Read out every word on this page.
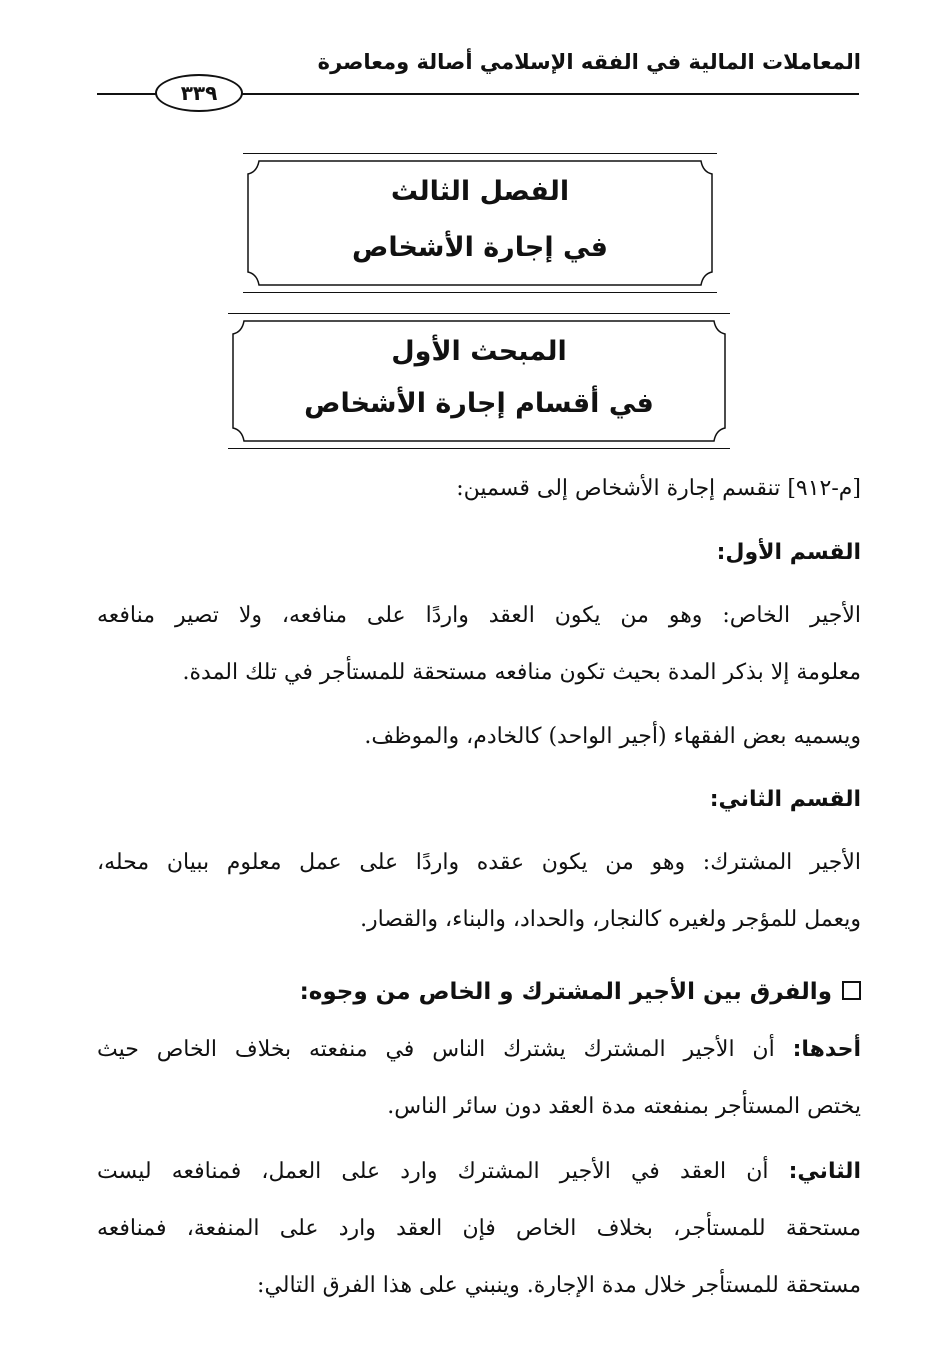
المعاملات المالية في الفقه الإسلامي أصالة ومعاصرة
٣٣٩
الفصل الثالث
في إجارة الأشخاص
المبحث الأول
في أقسام إجارة الأشخاص

[م-٩١٢] تنقسم إجارة الأشخاص إلى قسمين:

القسم الأول:

الأجير الخاص: وهو من يكون العقد واردًا على منافعه، ولا تصير منافعه

معلومة إلا بذكر المدة بحيث تكون منافعه مستحقة للمستأجر في تلك المدة.

ويسميه بعض الفقهاء (أجير الواحد) كالخادم، والموظف.

القسم الثاني:

الأجير المشترك: وهو من يكون عقده واردًا على عمل معلوم ببيان محله،

ويعمل للمؤجر ولغيره كالنجار، والحداد، والبناء، والقصار.

والفرق بين الأجير المشترك و الخاص من وجوه:

أحدها: أن الأجير المشترك يشترك الناس في منفعته بخلاف الخاص حيث

يختص المستأجر بمنفعته مدة العقد دون سائر الناس.

الثاني: أن العقد في الأجير المشترك وارد على العمل، فمنافعه ليست

مستحقة للمستأجر، بخلاف الخاص فإن العقد وارد على المنفعة، فمنافعه

مستحقة للمستأجر خلال مدة الإجارة. وينبني على هذا الفرق التالي:
